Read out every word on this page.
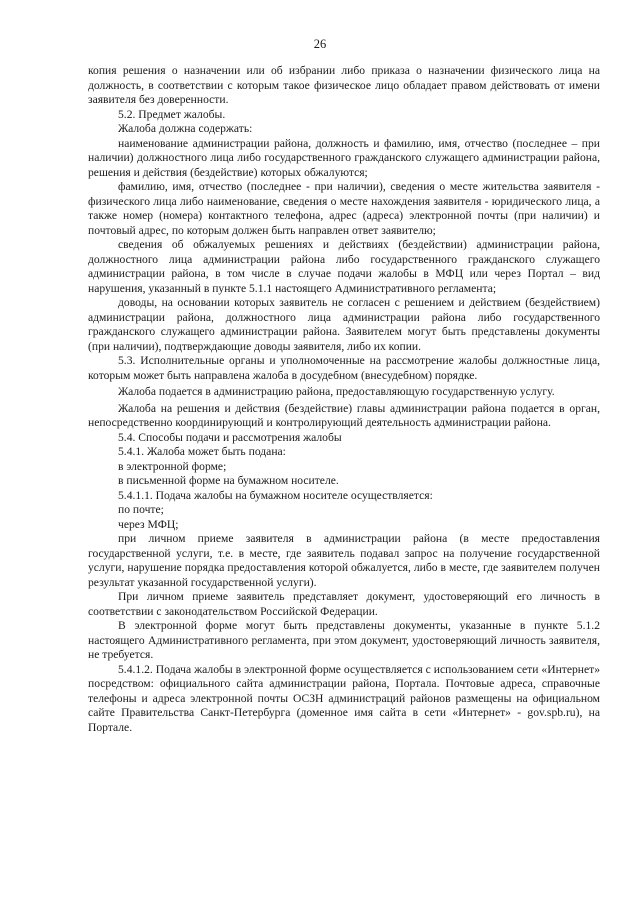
26

копия решения о назначении или об избрании либо приказа о назначении физического лица на должность, в соответствии с которым такое физическое лицо обладает правом действовать от имени заявителя без доверенности.

5.2. Предмет жалобы.

Жалоба должна содержать:

наименование администрации района, должность и фамилию, имя, отчество (последнее – при наличии) должностного лица либо государственного гражданского служащего администрации района, решения и действия (бездействие) которых обжалуются;

фамилию, имя, отчество (последнее - при наличии), сведения о месте жительства заявителя - физического лица либо наименование, сведения о месте нахождения заявителя - юридического лица, а также номер (номера) контактного телефона, адрес (адреса) электронной почты (при наличии) и почтовый адрес, по которым должен быть направлен ответ заявителю;

сведения об обжалуемых решениях и действиях (бездействии) администрации района, должностного лица администрации района либо государственного гражданского служащего администрации района, в том числе в случае подачи жалобы в МФЦ или через Портал – вид нарушения, указанный в пункте 5.1.1 настоящего Административного регламента;

доводы, на основании которых заявитель не согласен с решением и действием (бездействием) администрации района, должностного лица администрации района либо государственного гражданского служащего администрации района. Заявителем могут быть представлены документы (при наличии), подтверждающие доводы заявителя, либо их копии.

5.3. Исполнительные органы и уполномоченные на рассмотрение жалобы должностные лица, которым может быть направлена жалоба в досудебном (внесудебном) порядке.

Жалоба подается в администрацию района, предоставляющую государственную услугу.

Жалоба на решения и действия (бездействие) главы администрации района подается в орган, непосредственно координирующий и контролирующий деятельность администрации района.

5.4. Способы подачи и рассмотрения жалобы

5.4.1. Жалоба может быть подана:

в электронной форме;

в письменной форме на бумажном носителе.

5.4.1.1. Подача жалобы на бумажном носителе осуществляется:

по почте;

через МФЦ;

при личном приеме заявителя в администрации района (в месте предоставления государственной услуги, т.е. в месте, где заявитель подавал запрос на получение государственной услуги, нарушение порядка предоставления которой обжалуется, либо в месте, где заявителем получен результат указанной государственной услуги).

При личном приеме заявитель представляет документ, удостоверяющий его личность в соответствии с законодательством Российской Федерации.

В электронной форме могут быть представлены документы, указанные в пункте 5.1.2 настоящего Административного регламента, при этом документ, удостоверяющий личность заявителя, не требуется.

5.4.1.2. Подача жалобы в электронной форме осуществляется с использованием сети «Интернет» посредством: официального сайта администрации района, Портала. Почтовые адреса, справочные телефоны и адреса электронной почты ОСЗН администраций районов размещены на официальном сайте Правительства Санкт-Петербурга (доменное имя сайта в сети «Интернет» - gov.spb.ru), на Портале.
